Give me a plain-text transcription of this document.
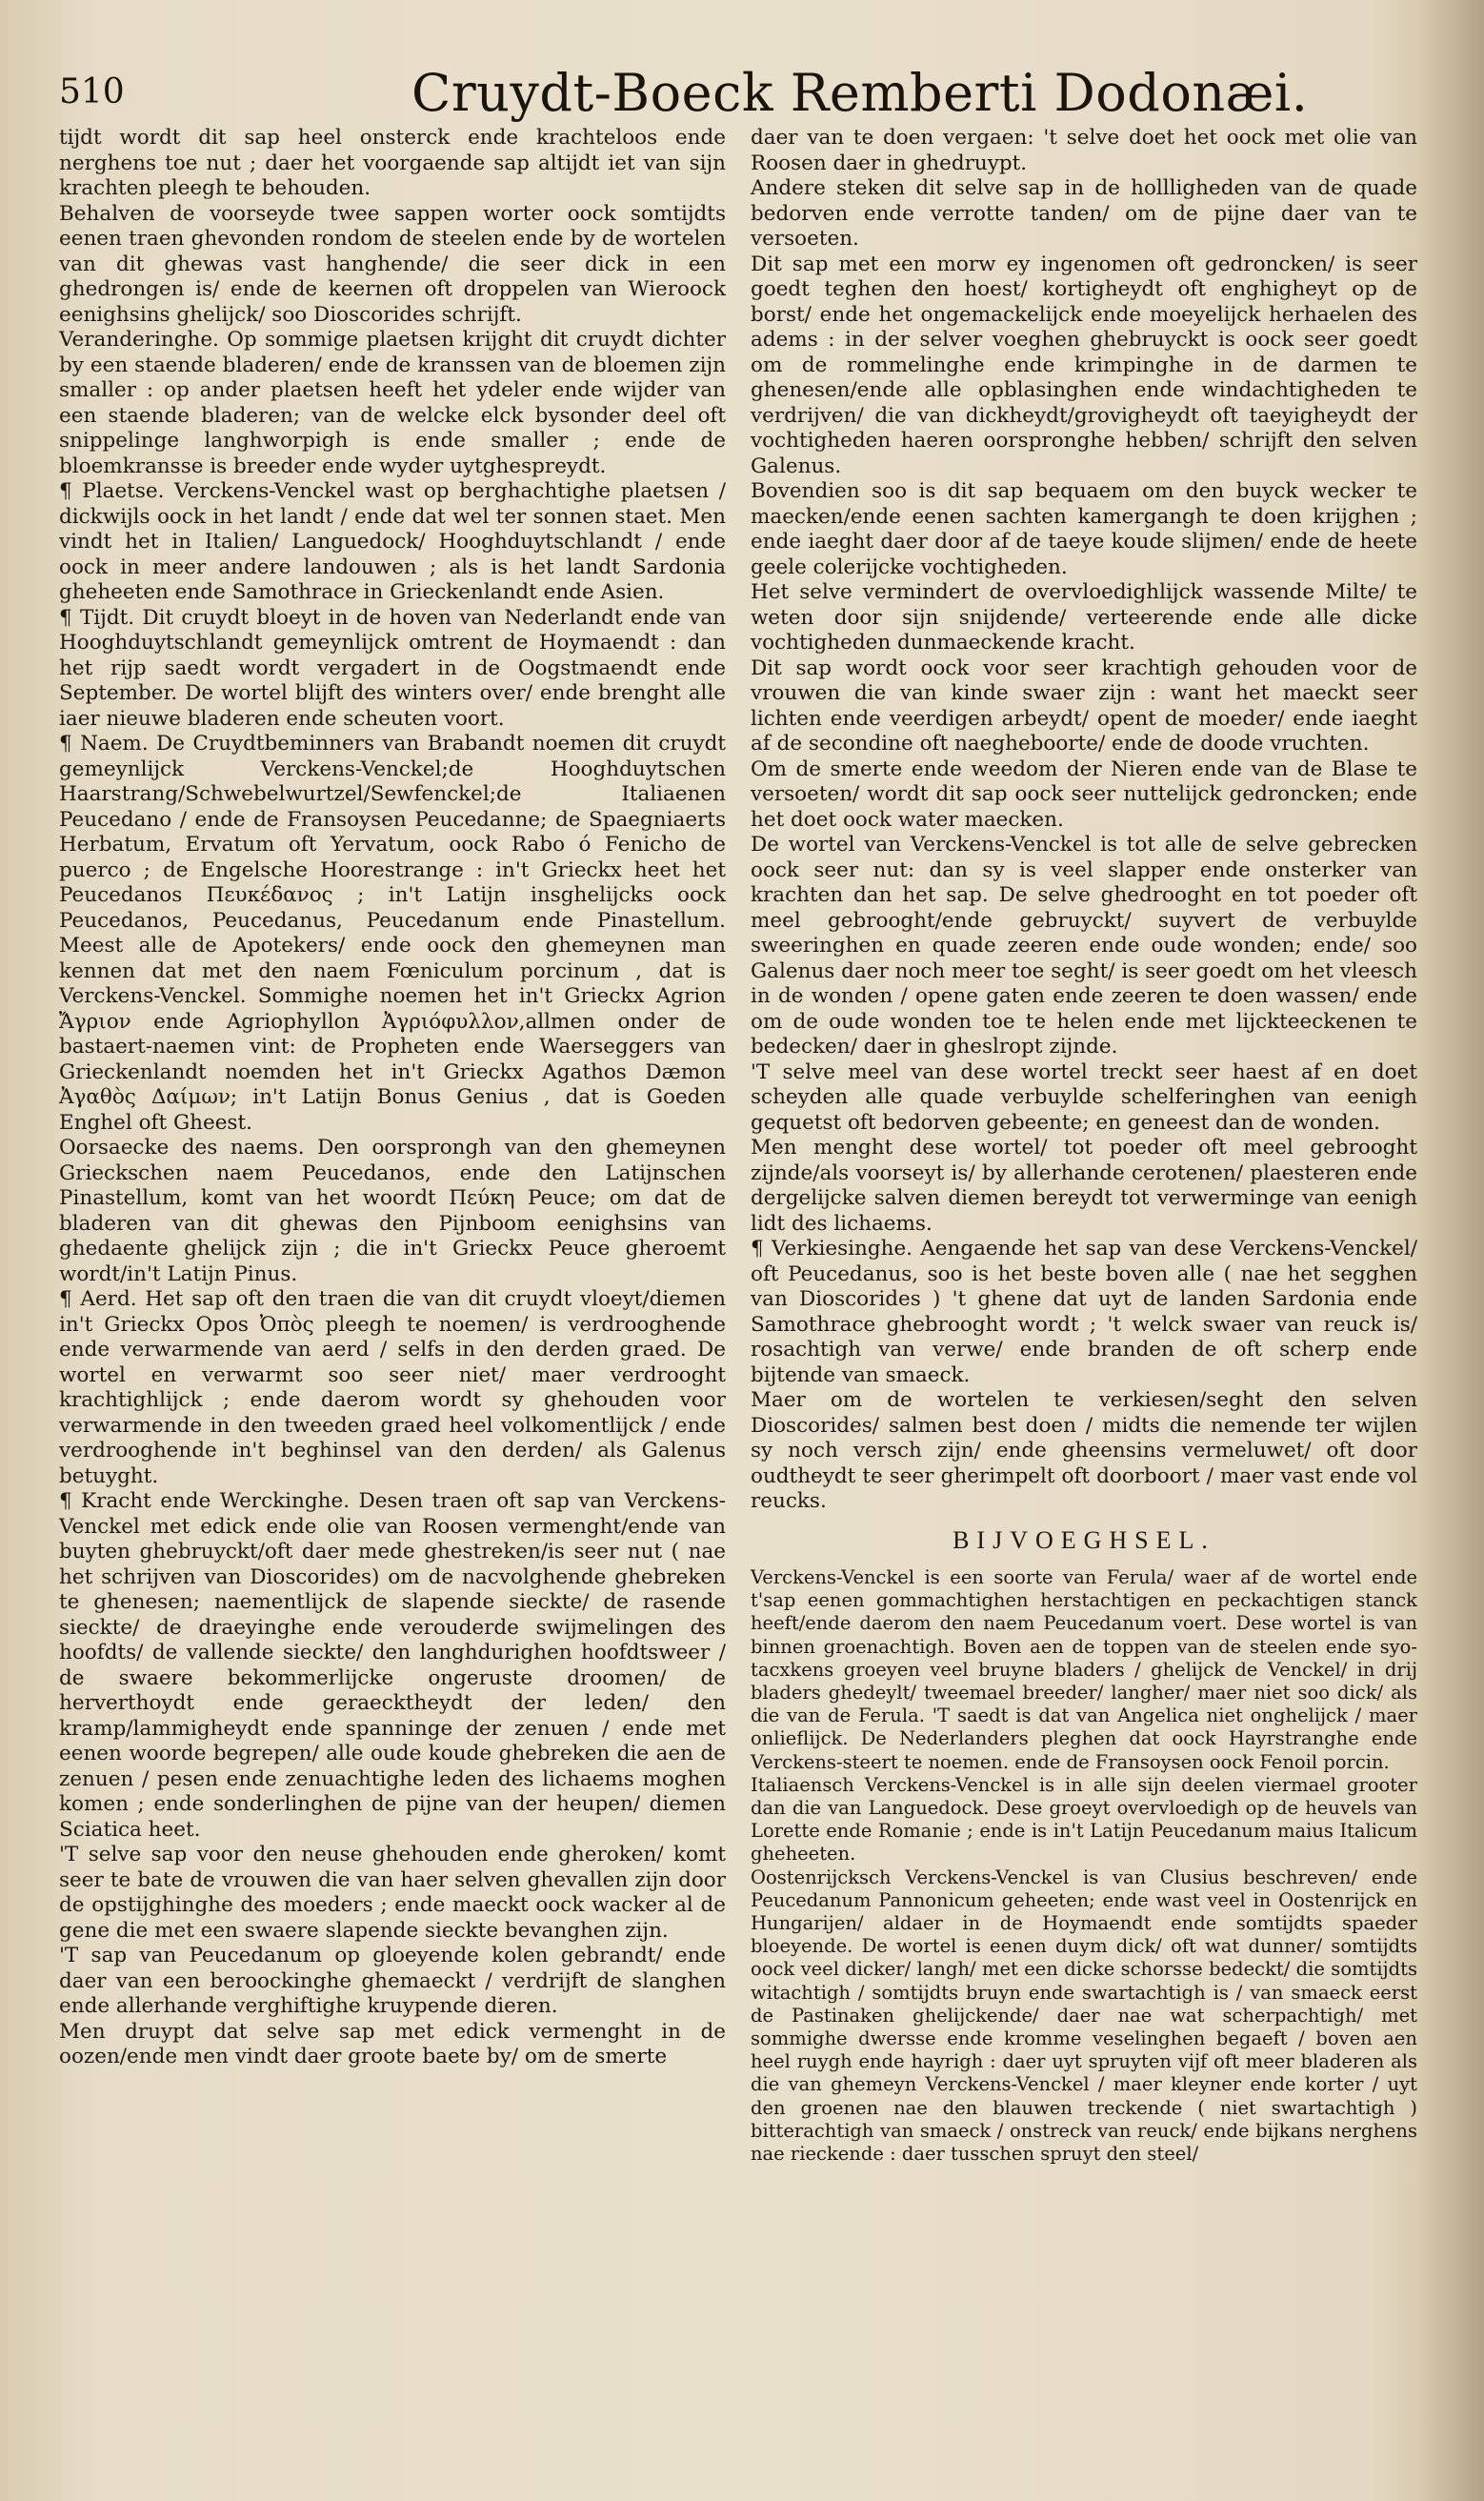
510	Cruydt-Boeck Remberti Dodonæi.

tijdt wordt dit sap heel onsterck ende krachteloos ende nerghens toe nut ; daer het voorgaende sap altijdt iet van sijn krachten pleegh te behouden.

Behalven de voorseyde twee sappen worter oock somtijdts eenen traen ghevonden rondom de steelen ende by de wortelen van dit ghewas vast hanghende/ die seer dick in een ghedrongen is/ ende de keernen oft droppelen van Wieroock eenighsins ghelijck/ soo Dioscorides schrijft.

Veranderinghe. Op sommige plaetsen krijght dit cruydt dichter by een staende bladeren/ ende de kranssen van de bloemen zijn smaller : op ander plaetsen heeft het ydeler ende wijder van een staende bladeren; van de welcke elck bysonder deel oft snippelinge langhworpigh is ende smaller ; ende de bloemkransse is breeder ende wyder uytghespreydt.

¶ Plaetse. Verckens-Venckel wast op berghachtighe plaetsen / dickwijls oock in het landt / ende dat wel ter sonnen staet. Men vindt het in Italien/ Languedock/ Hooghduytschlandt / ende oock in meer andere landouwen ; als is het landt Sardonia gheheeten ende Samothrace in Grieckenlandt ende Asien.

¶ Tijdt. Dit cruydt bloeyt in de hoven van Nederlandt ende van Hooghduytschlandt gemeynlijck omtrent de Hoymaendt : dan het rijp saedt wordt vergadert in de Oogstmaendt ende September. De wortel blijft des winters over/ ende brenght alle iaer nieuwe bladeren ende scheuten voort.

¶ Naem. De Cruydtbeminners van Brabandt noemen dit cruydt gemeynlijck Verckens-Venckel;de Hooghduytschen Haarstrang/Schwebelwurtzel/Sewfenckel;de Italiaenen Peucedano / ende de Fransoysen Peucedanne; de Spaegniaerts Herbatum, Ervatum oft Yervatum, oock Rabo ó Fenicho de puerco ; de Engelsche Hoorestrange : in't Grieckx heet het Peucedanos Πευκέδανος ; in't Latijn insghelijcks oock Peucedanos, Peucedanus, Peucedanum ende Pinastellum. Meest alle de Apotekers/ ende oock den ghemeynen man kennen dat met den naem Fœniculum porcinum , dat is Verckens-Venckel. Sommighe noemen het in't Grieckx Agrion Ἄγριον ende Agriophyllon Ἀγριόφυλλον,allmen onder de bastaert-naemen vint: de Propheten ende Waerseggers van Grieckenlandt noemden het in't Grieckx Agathos Dæmon Ἀγαθὸς Δαίμων; in't Latijn Bonus Genius , dat is Goeden Enghel oft Gheest.

Oorsaecke des naems. Den oorsprongh van den ghemeynen Grieckschen naem Peucedanos, ende den Latijnschen Pinastellum, komt van het woordt Πεύκη Peuce; om dat de bladeren van dit ghewas den Pijnboom eenighsins van ghedaente ghelijck zijn ; die in't Grieckx Peuce gheroemt wordt/in't Latijn Pinus.

¶ Aerd. Het sap oft den traen die van dit cruydt vloeyt/diemen in't Grieckx Opos Ὀπὸς pleegh te noemen/ is verdrooghende ende verwarmende van aerd / selfs in den derden graed. De wortel en verwarmt soo seer niet/ maer verdrooght krachtighlijck ; ende daerom wordt sy ghehouden voor verwarmende in den tweeden graed heel volkomentlijck / ende verdrooghende in't beghinsel van den derden/ als Galenus betuyght.

¶ Kracht ende Werckinghe. Desen traen oft sap van Verckens-Venckel met edick ende olie van Roosen vermenght/ende van buyten ghebruyckt/oft daer mede ghestreken/is seer nut ( nae het schrijven van Dioscorides) om de nacvolghende ghebreken te ghenesen; naementlijck de slapende sieckte/ de rasende sieckte/ de draeyinghe ende verouderde swijmelingen des hoofdts/ de vallende sieckte/ den langhdurighen hoofdtsweer / de swaere bekommerlijcke ongeruste droomen/ de herverthoydt ende geraecktheydt der leden/ den kramp/lammigheydt ende spanninge der zenuen / ende met eenen woorde begrepen/ alle oude koude ghebreken die aen de zenuen / pesen ende zenuachtighe leden des lichaems moghen komen ; ende sonderlinghen de pijne van der heupen/ diemen Sciatica heet.

'T selve sap voor den neuse ghehouden ende gheroken/ komt seer te bate de vrouwen die van haer selven ghevallen zijn door de opstijghinghe des moeders ; ende maeckt oock wacker al de gene die met een swaere slapende sieckte bevanghen zijn.

'T sap van Peucedanum op gloeyende kolen gebrandt/ ende daer van een beroockinghe ghemaeckt / verdrijft de slanghen ende allerhande verghiftighe kruypende dieren.

Men druypt dat selve sap met edick vermenght in de oozen/ende men vindt daer groote baete by/ om de smerte

daer van te doen vergaen: 't selve doet het oock met olie van Roosen daer in ghedruypt.

Andere steken dit selve sap in de hollligheden van de quade bedorven ende verrotte tanden/ om de pijne daer van te versoeten.

Dit sap met een morw ey ingenomen oft gedroncken/ is seer goedt teghen den hoest/ kortigheydt oft enghigheyt op de borst/ ende het ongemackelijck ende moeyelijck herhaelen des adems : in der selver voeghen ghebruyckt is oock seer goedt om de rommelinghe ende krimpinghe in de darmen te ghenesen/ende alle opblasinghen ende windachtigheden te verdrijven/ die van dickheydt/grovigheydt oft taeyigheydt der vochtigheden haeren oorspronghe hebben/ schrijft den selven Galenus.

Bovendien soo is dit sap bequaem om den buyck wecker te maecken/ende eenen sachten kamergangh te doen krijghen ; ende iaeght daer door af de taeye koude slijmen/ ende de heete geele colerijcke vochtigheden.

Het selve vermindert de overvloedighlijck wassende Milte/ te weten door sijn snijdende/ verteerende ende alle dicke vochtigheden dunmaeckende kracht.

Dit sap wordt oock voor seer krachtigh gehouden voor de vrouwen die van kinde swaer zijn : want het maeckt seer lichten ende veerdigen arbeydt/ opent de moeder/ ende iaeght af de secondine oft naegheboorte/ ende de doode vruchten.

Om de smerte ende weedom der Nieren ende van de Blase te versoeten/ wordt dit sap oock seer nuttelijck gedroncken; ende het doet oock water maecken.

De wortel van Verckens-Venckel is tot alle de selve gebrecken oock seer nut: dan sy is veel slapper ende onsterker van krachten dan het sap. De selve ghedrooght en tot poeder oft meel gebrooght/ende gebruyckt/ suyvert de verbuylde sweeringhen en quade zeeren ende oude wonden; ende/ soo Galenus daer noch meer toe seght/ is seer goedt om het vleesch in de wonden / opene gaten ende zeeren te doen wassen/ ende om de oude wonden toe te helen ende met lijckteeckenen te bedecken/ daer in gheslropt zijnde.

'T selve meel van dese wortel treckt seer haest af en doet scheyden alle quade verbuylde schelferinghen van eenigh gequetst oft bedorven gebeente; en geneest dan de wonden.

Men menght dese wortel/ tot poeder oft meel gebrooght zijnde/als voorseyt is/ by allerhande cerotenen/ plaesteren ende dergelijcke salven diemen bereydt tot verwerminge van eenigh lidt des lichaems.

¶ Verkiesinghe. Aengaende het sap van dese Verckens-Venckel/ oft Peucedanus, soo is het beste boven alle ( nae het segghen van Dioscorides ) 't ghene dat uyt de landen Sardonia ende Samothrace ghebrooght wordt ; 't welck swaer van reuck is/ rosachtigh van verwe/ ende branden de oft scherp ende bijtende van smaeck.

Maer om de wortelen te verkiesen/seght den selven Dioscorides/ salmen best doen / midts die nemende ter wijlen sy noch versch zijn/ ende gheensins vermeluwet/ oft door oudtheydt te seer gherimpelt oft doorboort / maer vast ende vol reucks.

BIJVOEGHSEL.

Verckens-Venckel is een soorte van Ferula/ waer af de wortel ende t'sap eenen gommachtighen herstachtigen en peckachtigen stanck heeft/ende daerom den naem Peucedanum voert. Dese wortel is van binnen groenachtigh. Boven aen de toppen van de steelen ende syo-tacxkens groeyen veel bruyne bladers / ghelijck de Venckel/ in drij bladers ghedeylt/ tweemael breeder/ langher/ maer niet soo dick/ als die van de Ferula. 'T saedt is dat van Angelica niet onghelijck / maer onlieflijck. De Nederlanders pleghen dat oock Hayrstranghe ende Verckens-steert te noemen. ende de Fransoysen oock Fenoil porcin.

Italiaensch Verckens-Venckel is in alle sijn deelen viermael grooter dan die van Languedock. Dese groeyt overvloedigh op de heuvels van Lorette ende Romanie ; ende is in't Latijn Peucedanum maius Italicum gheheeten.

Oostenrijcksch Verckens-Venckel is van Clusius beschreven/ ende Peucedanum Pannonicum geheeten; ende wast veel in Oostenrijck en Hungarijen/ aldaer in de Hoymaendt ende somtijdts spaeder bloeyende. De wortel is eenen duym dick/ oft wat dunner/ somtijdts oock veel dicker/ langh/ met een dicke schorsse bedeckt/ die somtijdts witachtigh / somtijdts bruyn ende swartachtigh is / van smaeck eerst de Pastinaken ghelijckende/ daer nae wat scherpachtigh/ met sommighe dwersse ende kromme veselinghen begaeft / boven aen heel ruygh ende hayrigh : daer uyt spruyten vijf oft meer bladeren als die van ghemeyn Verckens-Venckel / maer kleyner ende korter / uyt den groenen nae den blauwen treckende ( niet swartachtigh ) bitterachtigh van smaeck / onstreck van reuck/ ende bijkans nerghens nae rieckende : daer tusschen spruyt den steel/
